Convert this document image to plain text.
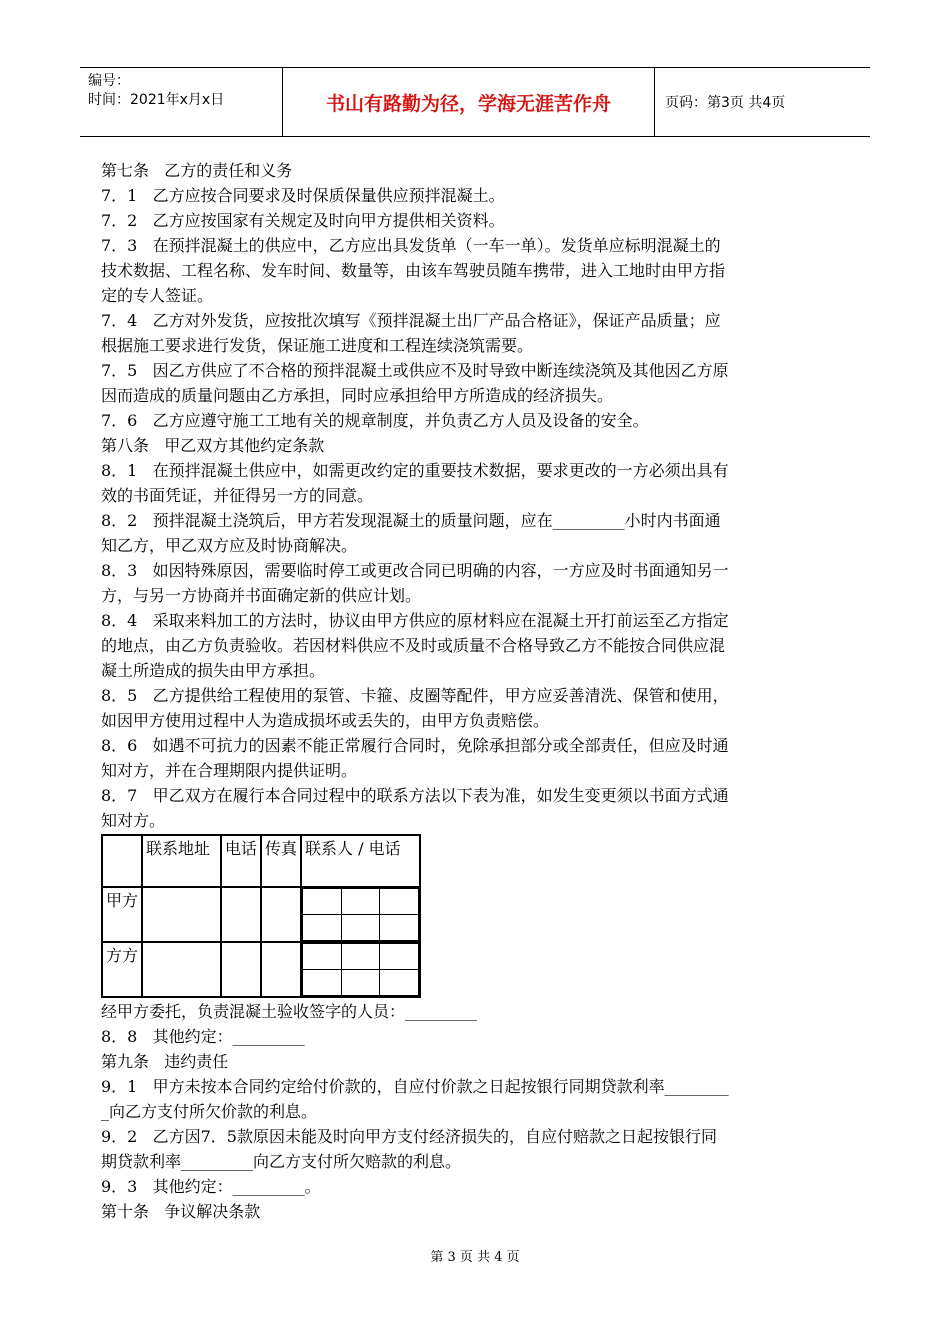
编号：
时间：2021年x月x日	书山有路勤为径，学海无涯苦作舟	页码：第3页 共4页

第七条   乙方的责任和义务

7．1   乙方应按合同要求及时保质保量供应预拌混凝土。

7．2   乙方应按国家有关规定及时向甲方提供相关资料。

7．3   在预拌混凝土的供应中，乙方应出具发货单（一车一单）。发货单应标明混凝土的

技术数据、工程名称、发车时间、数量等，由该车驾驶员随车携带，进入工地时由甲方指

定的专人签证。

7．4   乙方对外发货，应按批次填写《预拌混凝土出厂产品合格证》，保证产品质量；应

根据施工要求进行发货，保证施工进度和工程连续浇筑需要。

7．5   因乙方供应了不合格的预拌混凝土或供应不及时导致中断连续浇筑及其他因乙方原

因而造成的质量问题由乙方承担，同时应承担给甲方所造成的经济损失。

7．6   乙方应遵守施工工地有关的规章制度，并负责乙方人员及设备的安全。

第八条   甲乙双方其他约定条款

8．1   在预拌混凝土供应中，如需更改约定的重要技术数据，要求更改的一方必须出具有

效的书面凭证，并征得另一方的同意。

8．2   预拌混凝土浇筑后，甲方若发现混凝土的质量问题，应在_________小时内书面通

知乙方，甲乙双方应及时协商解决。

8．3   如因特殊原因，需要临时停工或更改合同已明确的内容，一方应及时书面通知另一

方，与另一方协商并书面确定新的供应计划。

8．4   采取来料加工的方法时，协议由甲方供应的原材料应在混凝土开打前运至乙方指定

的地点，由乙方负责验收。若因材料供应不及时或质量不合格导致乙方不能按合同供应混

凝土所造成的损失由甲方承担。

8．5   乙方提供给工程使用的泵管、卡箍、皮圈等配件，甲方应妥善清洗、保管和使用，

如因甲方使用过程中人为造成损坏或丢失的，由甲方负责赔偿。

8．6   如遇不可抗力的因素不能正常履行合同时，免除承担部分或全部责任，但应及时通

知对方，并在合理期限内提供证明。

8．7   甲乙双方在履行本合同过程中的联系方法以下表为准，如发生变更须以书面方式通

知对方。

	联系地址	电话	传真	联系人 / 电话
甲方				

方方				

经甲方委托，负责混凝土验收签字的人员：_________

8．8   其他约定：_________

第九条   违约责任

9．1   甲方未按本合同约定给付价款的，自应付价款之日起按银行同期贷款利率________

_向乙方支付所欠价款的利息。

9．2   乙方因7．5款原因未能及时向甲方支付经济损失的，自应付赔款之日起按银行同

期贷款利率_________向乙方支付所欠赔款的利息。

9．3   其他约定：_________。

第十条   争议解决条款

第 3 页 共 4 页
